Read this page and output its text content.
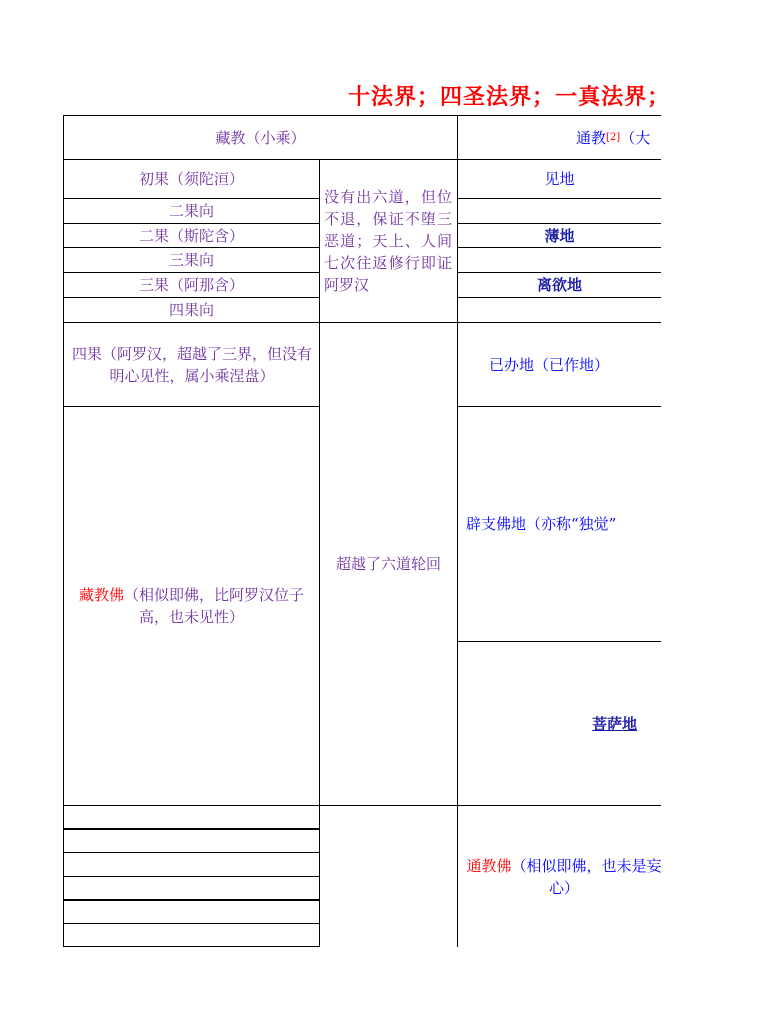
十法界；四圣法界；一真法界；
藏教（小乘）	通教 [2] （大
初果（须陀洹）
二果向
二果（斯陀含）
三果向
三果（阿那含）
四果向
没有出六道，但位不退，保证不堕三恶道；天上、人间七次往返修行即证阿罗汉
四果（阿罗汉，超越了三界，但没有明心见性，属小乘涅盘）
超越了六道轮回
藏教佛（相似即佛，比阿罗汉位子高，也未见性）
见地
薄地
离欲地
已办地（已作地）
辟支佛地（亦称“独觉”
菩萨地
通教佛（相似即佛，也未是妄心）
